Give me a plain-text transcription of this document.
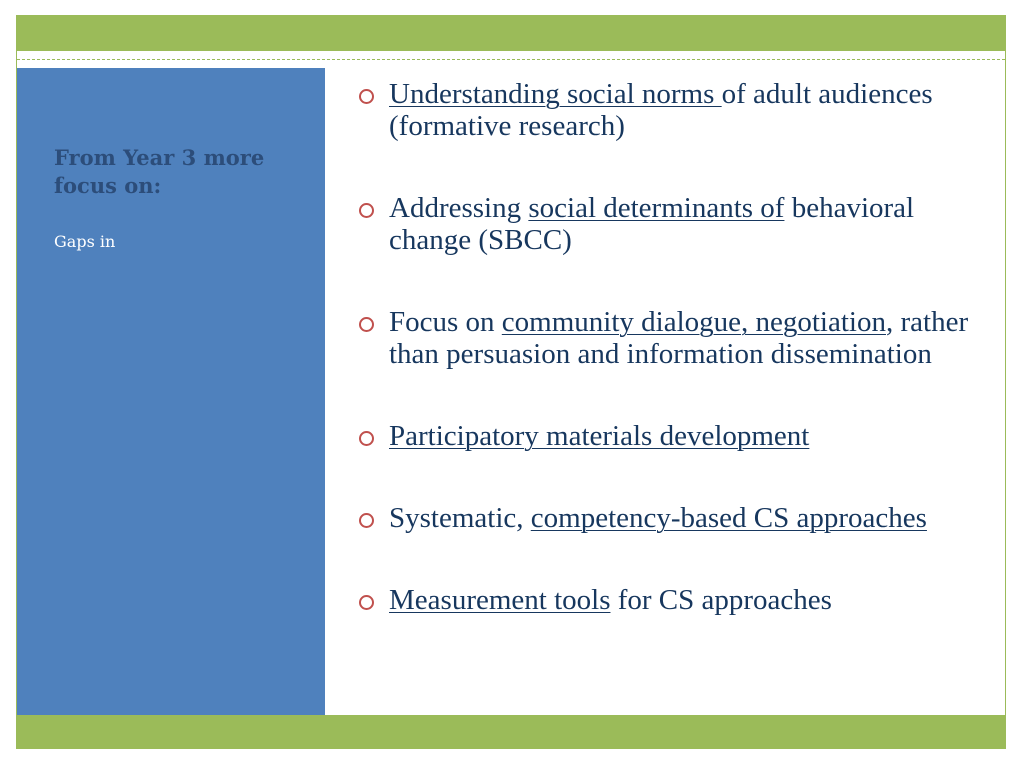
From Year 3 more focus on:
Gaps in
Understanding social norms of adult audiences (formative research)
Addressing social determinants of behavioral change (SBCC)
Focus on community dialogue, negotiation, rather than persuasion and information dissemination
Participatory materials development
Systematic, competency-based CS approaches
Measurement tools for CS approaches
